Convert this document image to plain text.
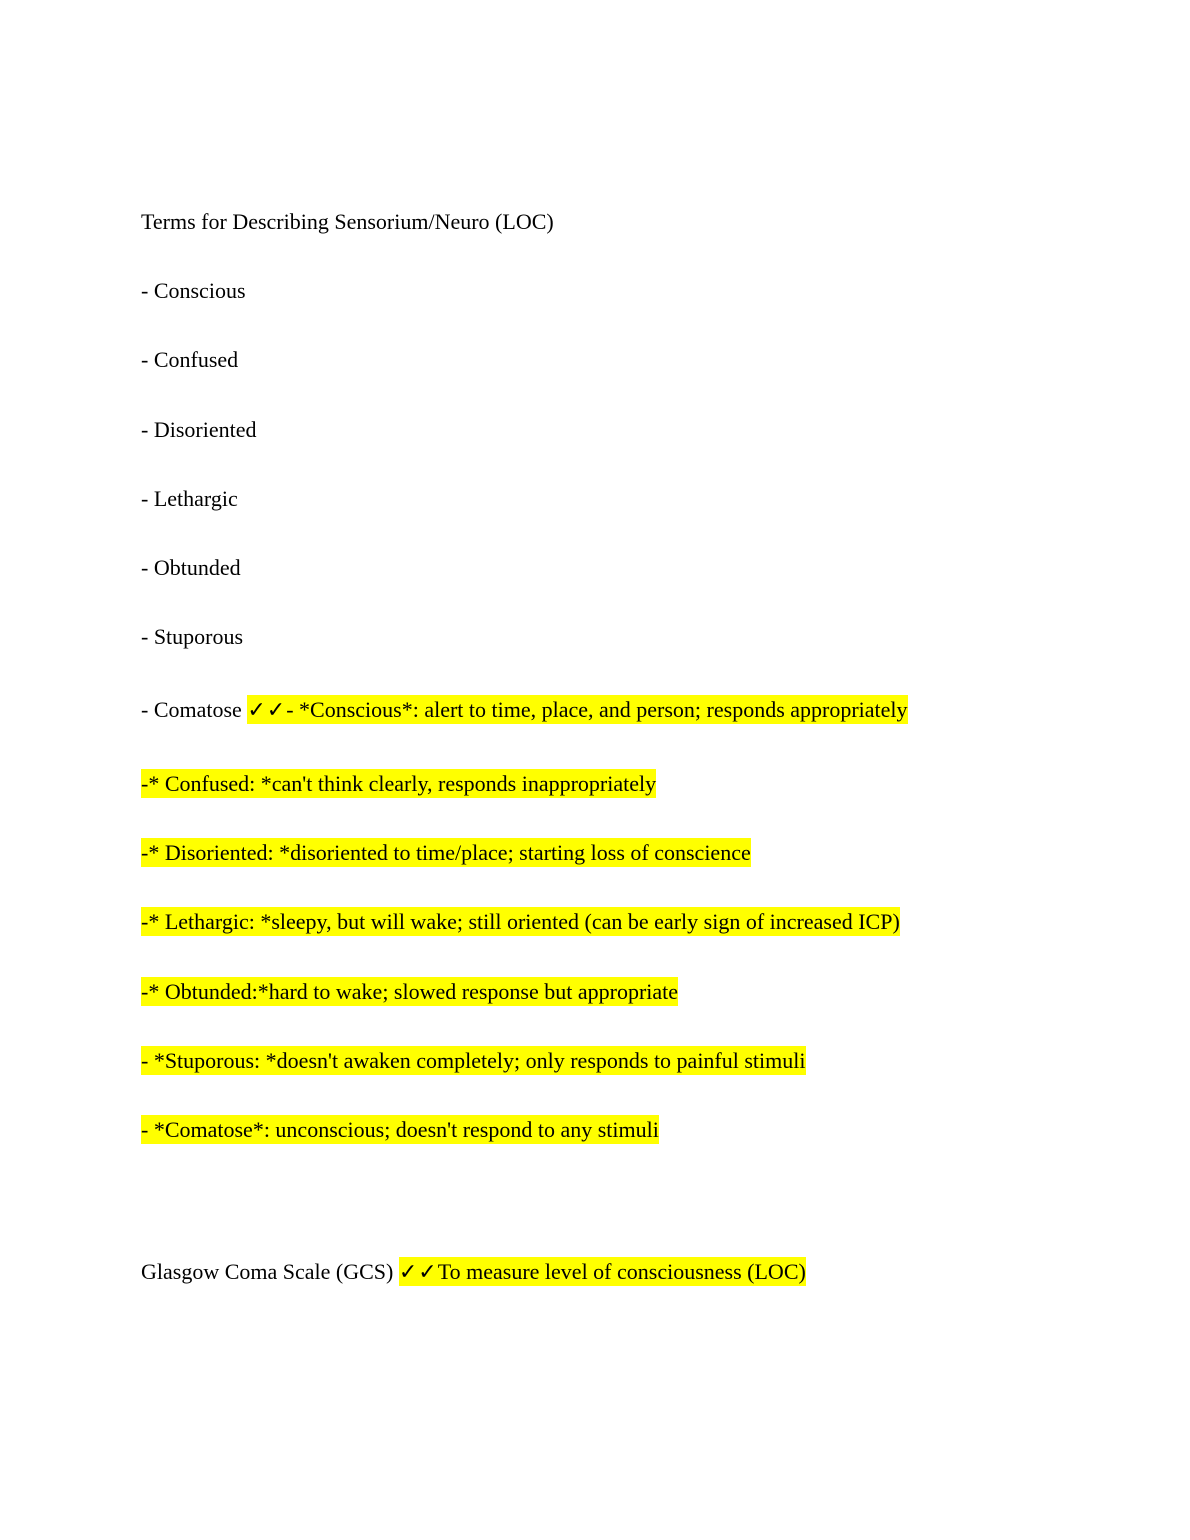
Terms for Describing Sensorium/Neuro (LOC)

- Conscious

- Confused

- Disoriented

- Lethargic

- Obtunded

- Stuporous

- Comatose ✓✓- *Conscious*: alert to time, place, and person; responds appropriately

-* Confused: *can't think clearly, responds inappropriately

-* Disoriented: *disoriented to time/place; starting loss of conscience

-* Lethargic: *sleepy, but will wake; still oriented (can be early sign of increased ICP)

-* Obtunded:*hard to wake; slowed response but appropriate

- *Stuporous: *doesn't awaken completely; only responds to painful stimuli

- *Comatose*: unconscious; doesn't respond to any stimuli

Glasgow Coma Scale (GCS) ✓✓To measure level of consciousness (LOC)
